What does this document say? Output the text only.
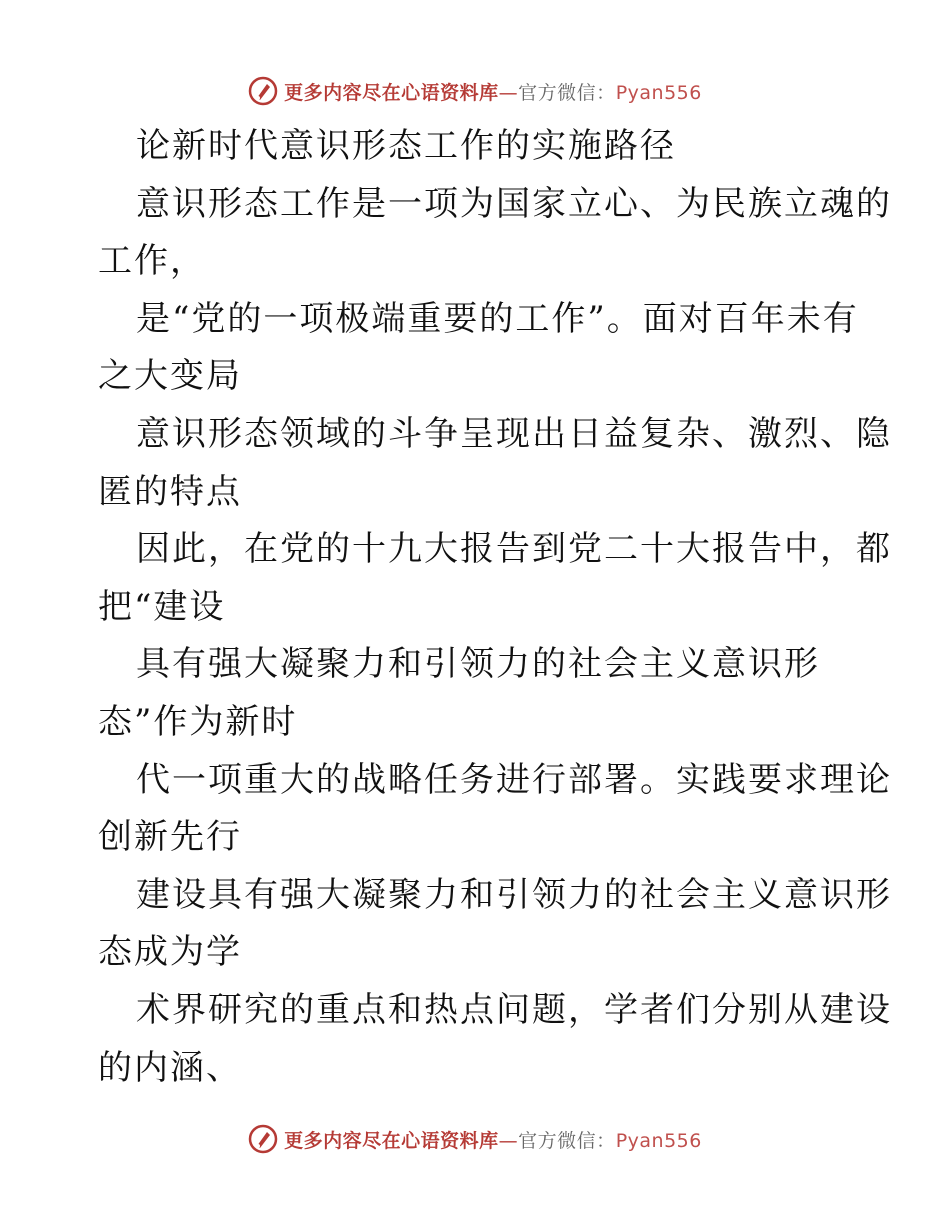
更多内容尽在心语资料库—官方微信：Pyan556
论新时代意识形态工作的实施路径
意识形态工作是一项为国家立心、为民族立魂的
工作，
是“党的一项极端重要的工作”。面对百年未有
之大变局
意识形态领域的斗争呈现出日益复杂、激烈、隐
匿的特点
因此，在党的十九大报告到党二十大报告中，都
把“建设
具有强大凝聚力和引领力的社会主义意识形
态”作为新时
代一项重大的战略任务进行部署。实践要求理论
创新先行
建设具有强大凝聚力和引领力的社会主义意识形
态成为学
术界研究的重点和热点问题，学者们分别从建设
的内涵、
更多内容尽在心语资料库—官方微信：Pyan556
